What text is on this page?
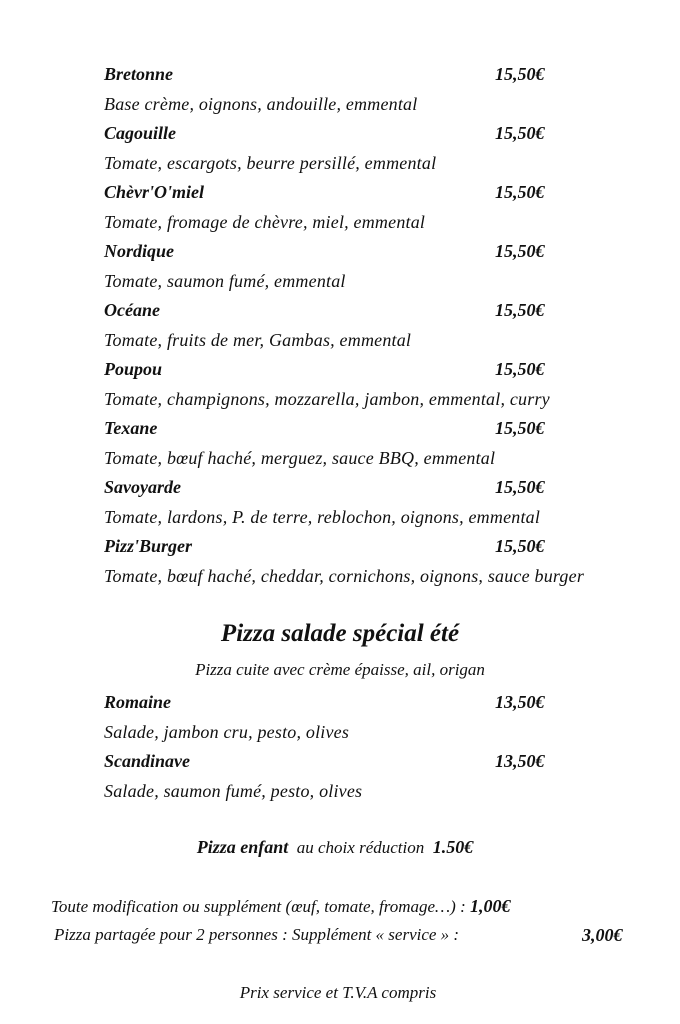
Bretonne	15,50€
Base crème, oignons, andouille, emmental
Cagouille	15,50€
Tomate, escargots, beurre persillé, emmental
Chèvr'O'miel	15,50€
Tomate, fromage de chèvre, miel, emmental
Nordique	15,50€
Tomate, saumon fumé, emmental
Océane	15,50€
Tomate, fruits de mer, Gambas, emmental
Poupou	15,50€
Tomate, champignons, mozzarella, jambon, emmental, curry
Texane	15,50€
Tomate, bœuf haché, merguez, sauce BBQ, emmental
Savoyarde	15,50€
Tomate, lardons, P. de terre, reblochon, oignons, emmental
Pizz'Burger	15,50€
Tomate, bœuf haché, cheddar, cornichons, oignons, sauce burger
Pizza salade spécial été
Pizza cuite avec crème épaisse, ail, origan
Romaine	13,50€
Salade, jambon cru, pesto, olives
Scandinave	13,50€
Salade, saumon fumé, pesto, olives
Pizza enfant au choix réduction 1.50€
Toute modification ou supplément (œuf, tomate, fromage…) : 1,00€
Pizza partagée pour 2 personnes : Supplément « service » :	3,00€
Prix service et T.V.A compris
